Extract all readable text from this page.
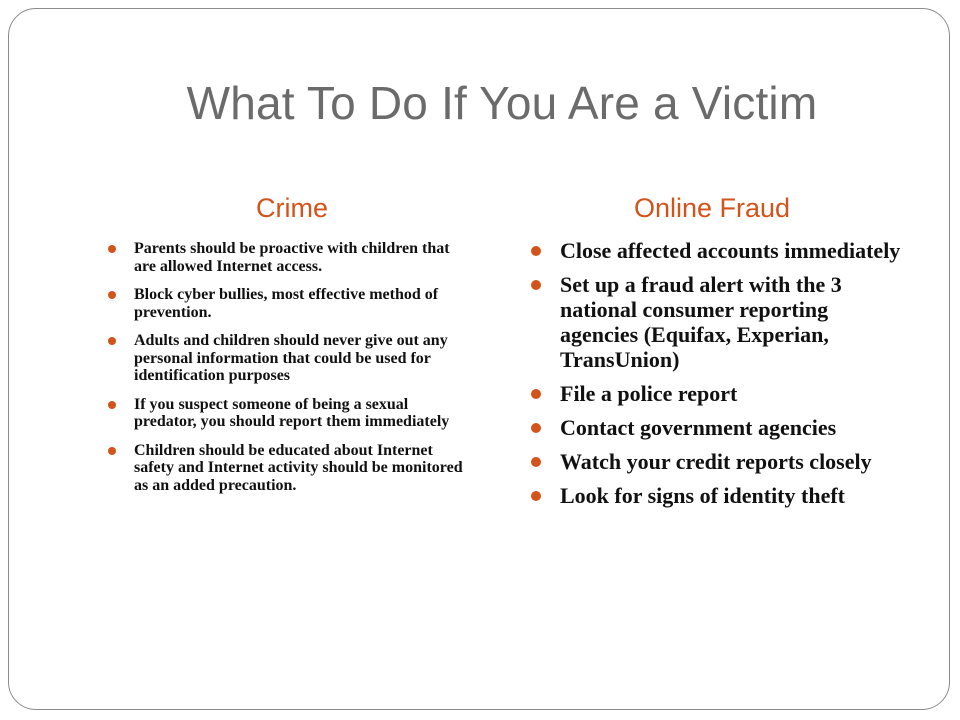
What To Do If You Are a Victim
Crime	Online Fraud
Parents should be proactive with children that are allowed Internet access.
Block cyber bullies, most effective method of prevention.
Adults and children should never give out any personal information that could be used for identification purposes
If you suspect someone of being a sexual predator, you should report them immediately
Children should be educated about Internet safety and Internet activity should be monitored as an added precaution.
Close affected accounts immediately
Set up a fraud alert with the 3 national consumer reporting agencies (Equifax, Experian, TransUnion)
File a police report
Contact government agencies
Watch your credit reports closely
Look for signs of identity theft
